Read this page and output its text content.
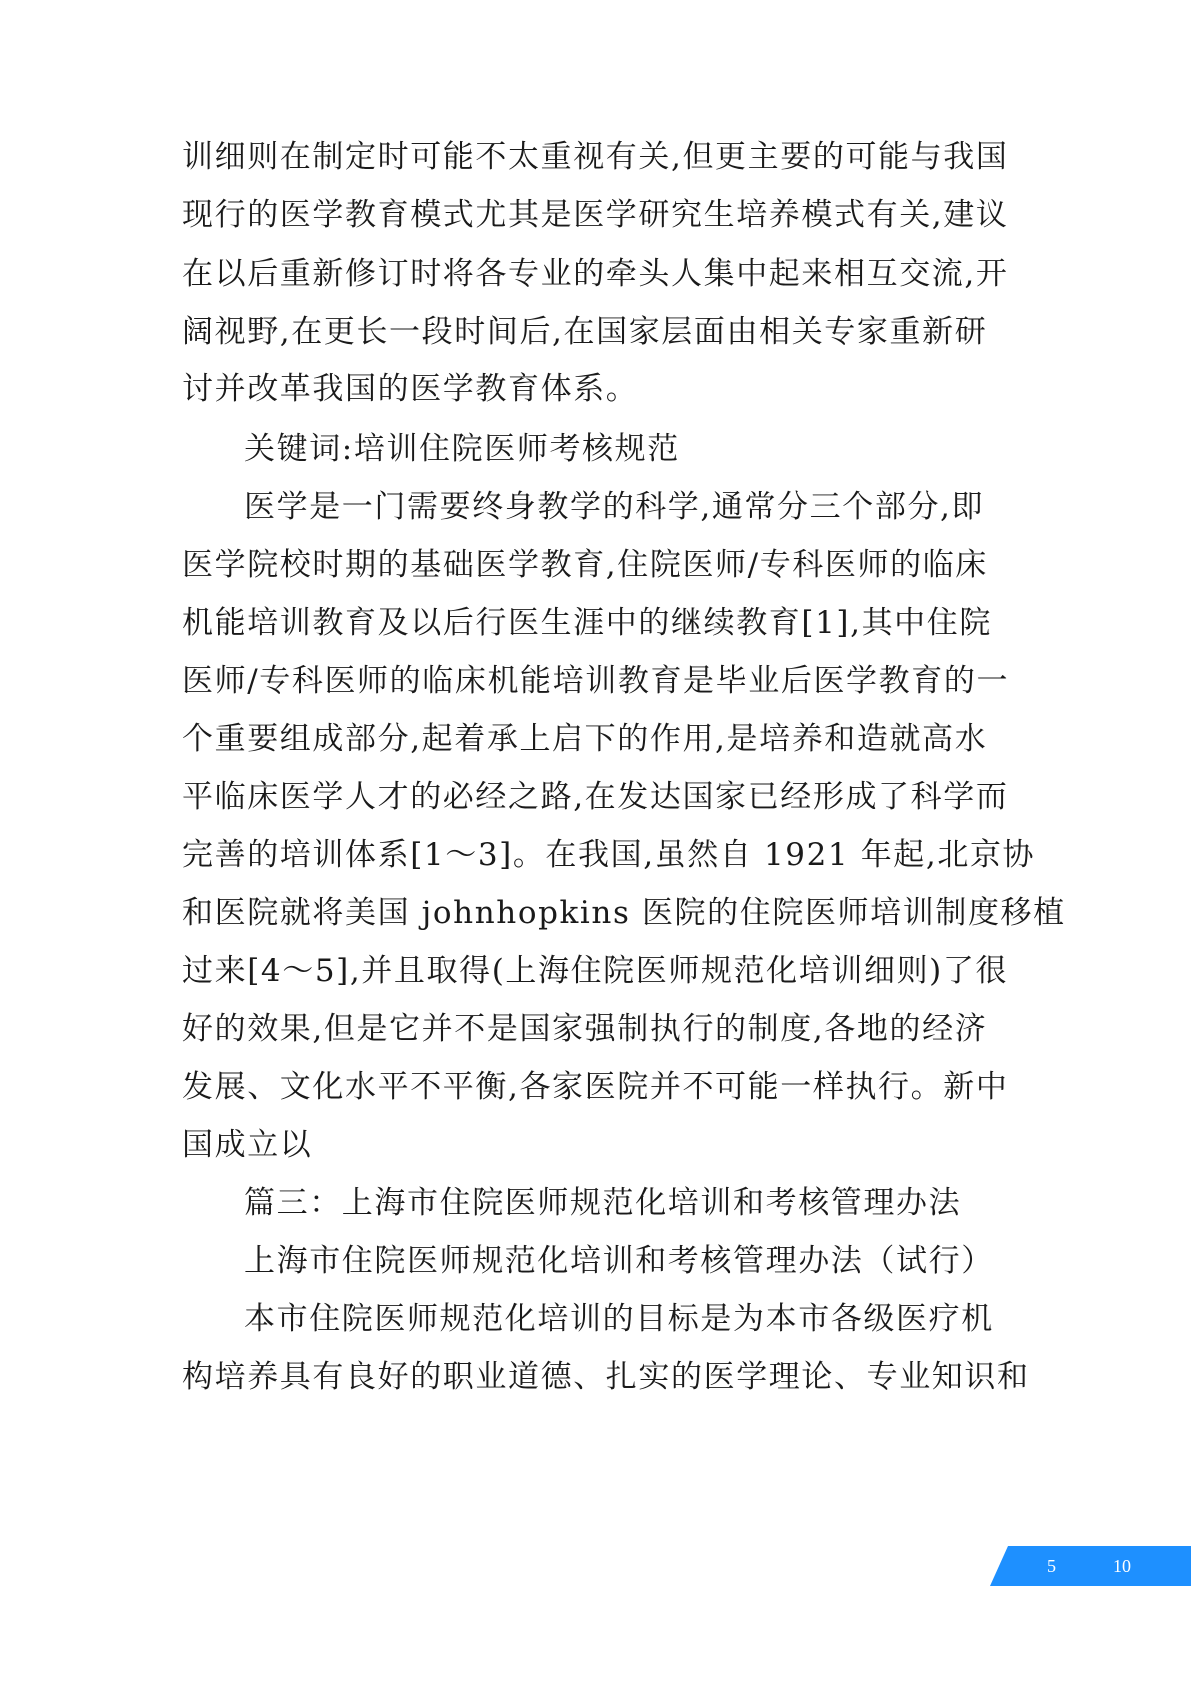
训细则在制定时可能不太重视有关,但更主要的可能与我国
现行的医学教育模式尤其是医学研究生培养模式有关,建议
在以后重新修订时将各专业的牵头人集中起来相互交流,开
阔视野,在更长一段时间后,在国家层面由相关专家重新研
讨并改革我国的医学教育体系。
关键词:培训住院医师考核规范
医学是一门需要终身教学的科学,通常分三个部分,即
医学院校时期的基础医学教育,住院医师/专科医师的临床
机能培训教育及以后行医生涯中的继续教育[1],其中住院
医师/专科医师的临床机能培训教育是毕业后医学教育的一
个重要组成部分,起着承上启下的作用,是培养和造就高水
平临床医学人才的必经之路,在发达国家已经形成了科学而
完善的培训体系[1～3]。在我国,虽然自 1921 年起,北京协
和医院就将美国 johnhopkins 医院的住院医师培训制度移植
过来[4～5],并且取得(上海住院医师规范化培训细则)了很
好的效果,但是它并不是国家强制执行的制度,各地的经济
发展、文化水平不平衡,各家医院并不可能一样执行。新中
国成立以
篇三：上海市住院医师规范化培训和考核管理办法
上海市住院医师规范化培训和考核管理办法（试行）
本市住院医师规范化培训的目标是为本市各级医疗机
构培养具有良好的职业道德、扎实的医学理论、专业知识和
5	10
